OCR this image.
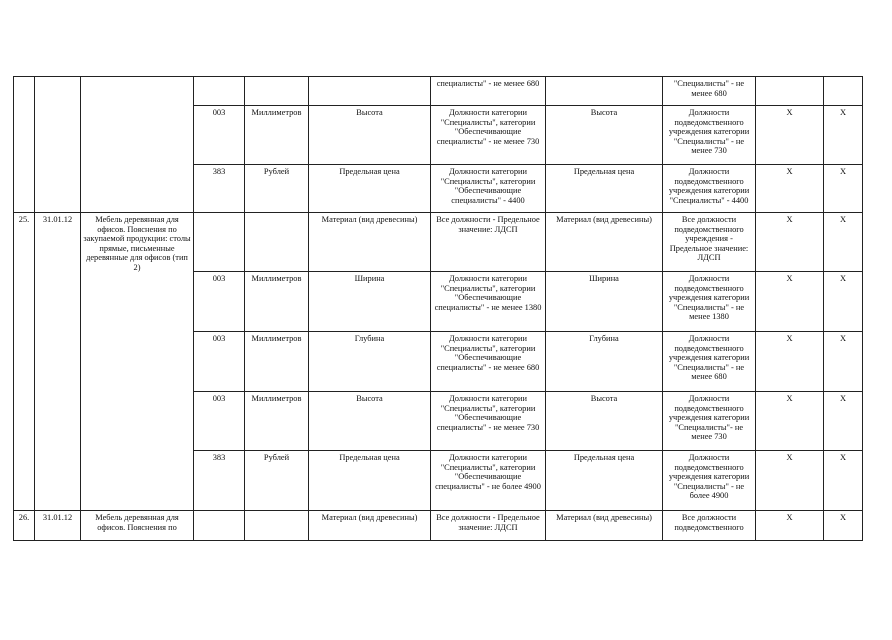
						специалисты" - не менее 680		"Специалисты" - не менее 680		
			003	Миллиметров	Высота	Должности категории "Специалисты", категории "Обеспечивающие специалисты" - не менее 730	Высота	Должности подведомственного учреждения категории "Специалисты" - не менее 730	X	X
			383	Рублей	Предельная цена	Должности категории "Специалисты", категории "Обеспечивающие специалисты" - 4400	Предельная цена	Должности подведомственного учреждения категории "Специалисты" - 4400	X	X
25.	31.01.12	Мебель деревянная для офисов. Пояснения по закупаемой продукции: столы прямые, письменные деревянные для офисов (тип 2)			Материал (вид древесины)	Все должности - Предельное значение: ЛДСП	Материал (вид древесины)	Все должности подведомственного учреждения - Предельное значение: ЛДСП	X	X
			003	Миллиметров	Ширина	Должности категории "Специалисты", категории "Обеспечивающие специалисты" - не менее 1380	Ширина	Должности подведомственного учреждения категории "Специалисты" - не менее 1380	X	X
			003	Миллиметров	Глубина	Должности категории "Специалисты", категории "Обеспечивающие специалисты" - не менее 680	Глубина	Должности подведомственного учреждения категории "Специалисты" - не менее 680	X	X
			003	Миллиметров	Высота	Должности категории "Специалисты", категории "Обеспечивающие специалисты" - не менее 730	Высота	Должности подведомственного учреждения категории "Специалисты"- не менее 730	X	X
			383	Рублей	Предельная цена	Должности категории "Специалисты", категории "Обеспечивающие специалисты" - не более 4900	Предельная цена	Должности подведомственного учреждения категории "Специалисты" - не более 4900	X	X
26.	31.01.12	Мебель деревянная для офисов. Пояснения по			Материал (вид древесины)	Все должности - Предельное значение: ЛДСП	Материал (вид древесины)	Все должности подведомственного	X	X
